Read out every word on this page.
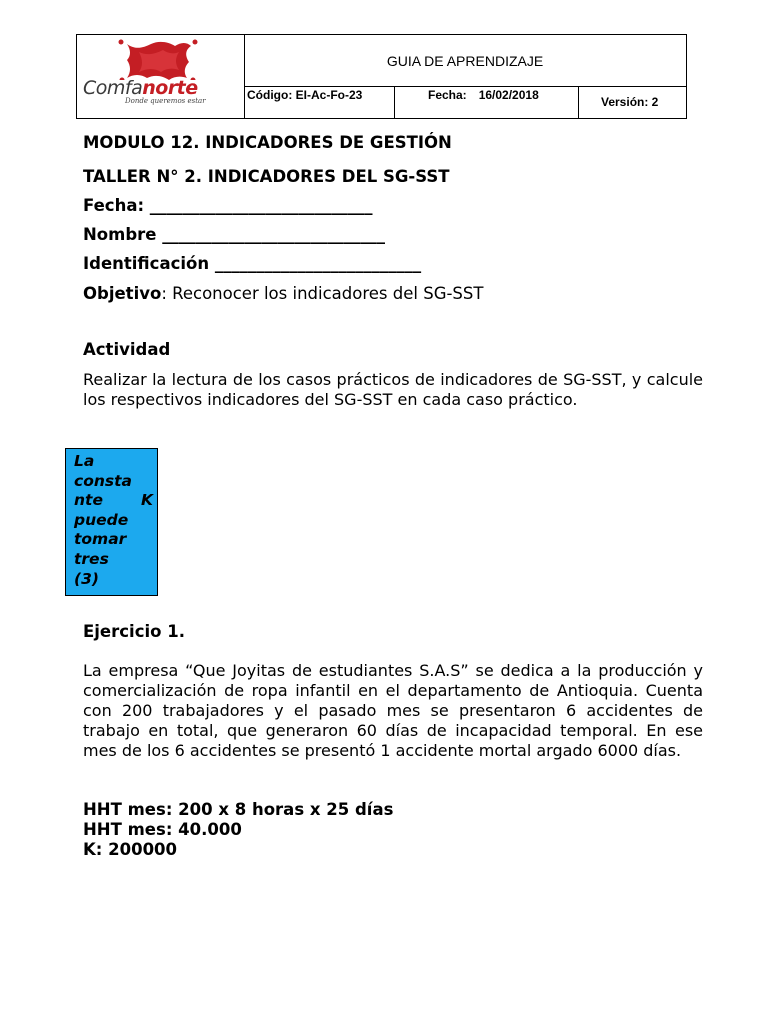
Comfanorte
Donde queremos estar
GUIA DE APRENDIZAJE
Código: EI-Ac-Fo-23	Fecha: 16/02/2018	Versión: 2
MODULO 12. INDICADORES DE GESTIÓN
TALLER N° 2. INDICADORES DEL SG-SST
Fecha: ___________________________
Nombre ___________________________
Identificación _________________________
Objetivo: Reconocer los indicadores del SG-SST
Actividad
Realizar la lectura de los casos prácticos de indicadores de SG-SST, y calcule los respectivos indicadores del SG-SST en cada caso práctico.
La
consta
nte K
puede
tomar
tres
(3)
Ejercicio 1.
La empresa “Que Joyitas de estudiantes S.A.S” se dedica a la producción y comercialización de ropa infantil en el departamento de Antioquia. Cuenta con 200 trabajadores y el pasado mes se presentaron 6 accidentes de trabajo en total, que generaron 60 días de incapacidad temporal. En ese mes de los 6 accidentes se presentó 1 accidente mortal argado 6000 días.
HHT mes: 200 x 8 horas x 25 días
HHT mes: 40.000
K: 200000
